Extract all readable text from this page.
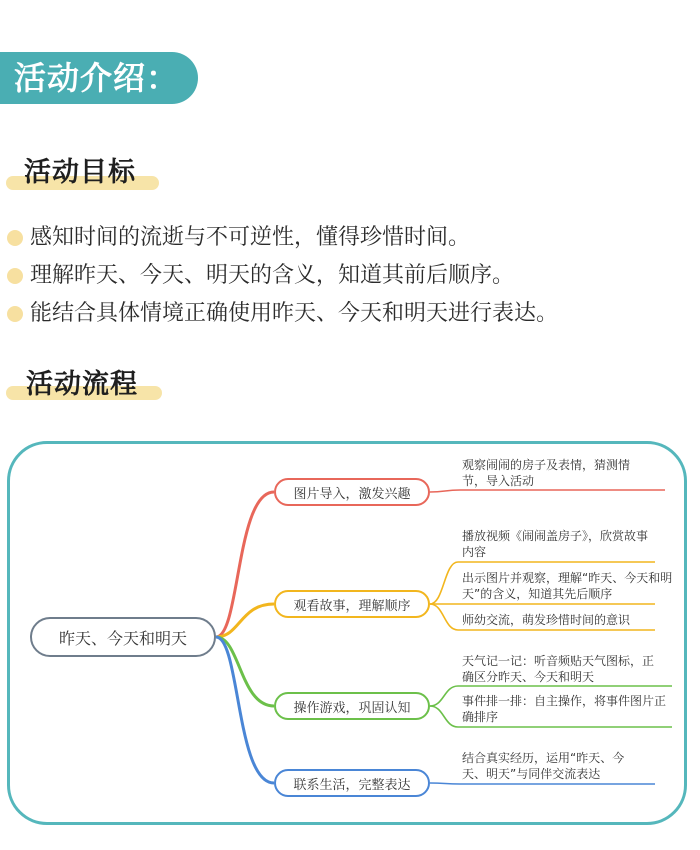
活动介绍：
活动目标
感知时间的流逝与不可逆性，懂得珍惜时间。
理解昨天、今天、明天的含义，知道其前后顺序。
能结合具体情境正确使用昨天、今天和明天进行表达。
活动流程
昨天、今天和明天
图片导入，激发兴趣
观看故事，理解顺序
操作游戏，巩固认知
联系生活，完整表达
观察闹闹的房子及表情，猜测情节，导入活动
播放视频《闹闹盖房子》，欣赏故事内容
出示图片并观察，理解“昨天、今天和明天”的含义，知道其先后顺序
师幼交流，萌发珍惜时间的意识
天气记一记：听音频贴天气图标，正确区分昨天、今天和明天
事件排一排：自主操作，将事件图片正确排序
结合真实经历，运用“昨天、今天、明天”与同伴交流表达
